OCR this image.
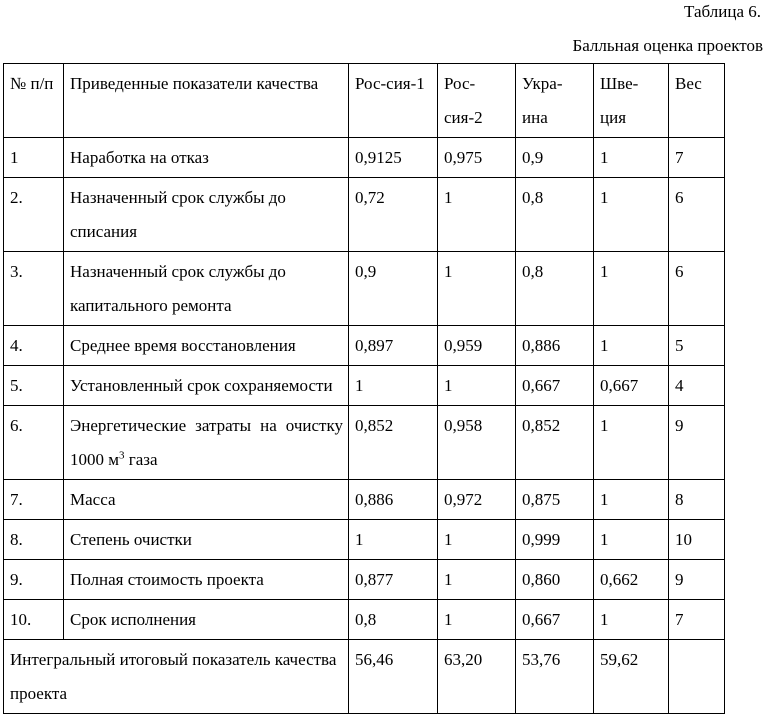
Таблица 6.
Балльная оценка проектов
№ п/п	Приведенные показатели качества	Рос-сия-1	Рос-сия-2	Укра-ина	Шве-ция	Вес
1	Наработка на отказ	0,9125	0,975	0,9	1	7
2.	Назначенный срок службы до списания	0,72	1	0,8	1	6
3.	Назначенный срок службы до капитального ремонта	0,9	1	0,8	1	6
4.	Среднее время восстановления	0,897	0,959	0,886	1	5
5.	Установленный срок сохраняемости	1	1	0,667	0,667	4
6.	Энергетические затраты на очистку 1000 $м^3$ газа	0,852	0,958	0,852	1	9
7.	Масса	0,886	0,972	0,875	1	8
8.	Степень очистки	1	1	0,999	1	10
9.	Полная стоимость проекта	0,877	1	0,860	0,662	9
10.	Срок исполнения	0,8	1	0,667	1	7
Интегральный итоговый показатель качества проекта		56,46	63,20	53,76	59,62	
